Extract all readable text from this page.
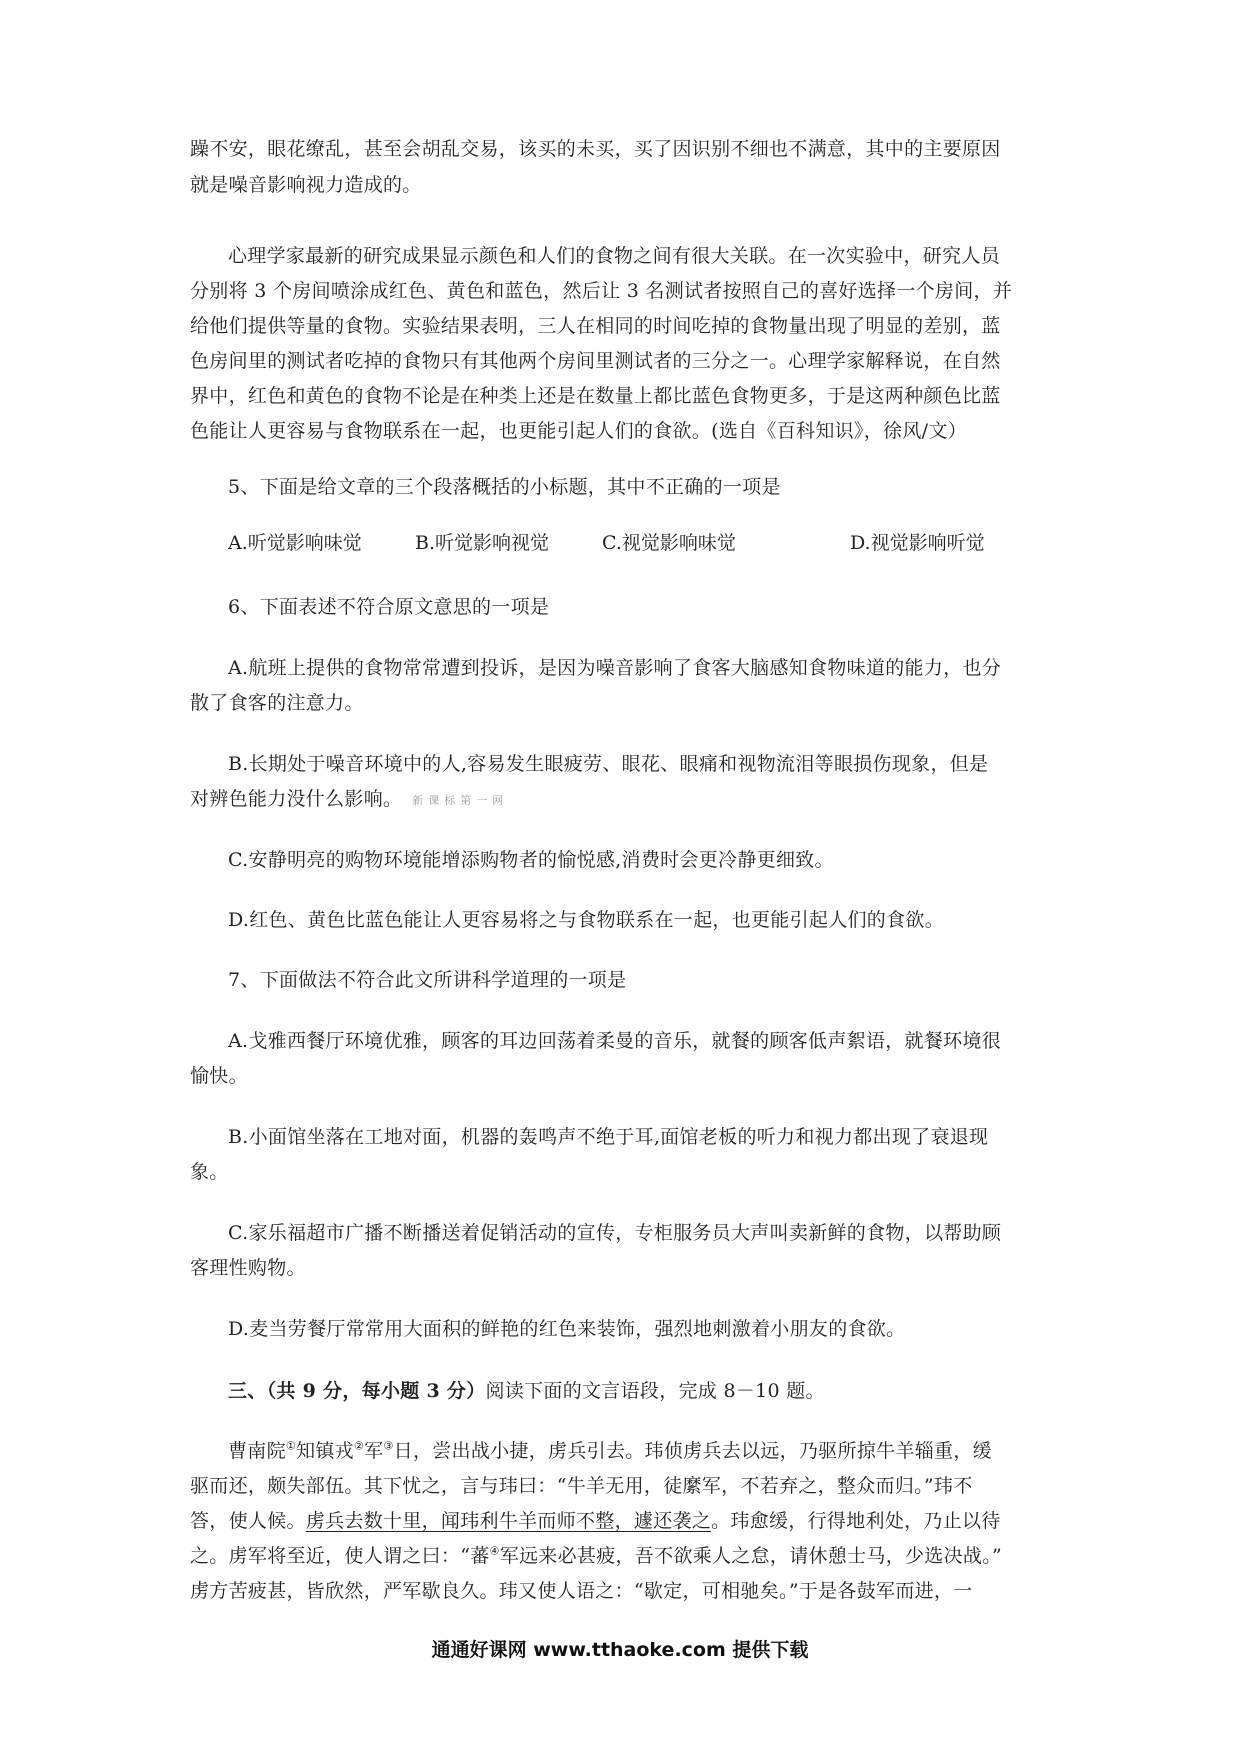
躁不安，眼花缭乱，甚至会胡乱交易，该买的未买，买了因识别不细也不满意，其中的主要原因
就是噪音影响视力造成的。
心理学家最新的研究成果显示颜色和人们的食物之间有很大关联。在一次实验中，研究人员
分别将 3 个房间喷涂成红色、黄色和蓝色，然后让 3 名测试者按照自己的喜好选择一个房间，并
给他们提供等量的食物。实验结果表明，三人在相同的时间吃掉的食物量出现了明显的差别，蓝
色房间里的测试者吃掉的食物只有其他两个房间里测试者的三分之一。心理学家解释说，在自然
界中，红色和黄色的食物不论是在种类上还是在数量上都比蓝色食物更多，于是这两种颜色比蓝
色能让人更容易与食物联系在一起，也更能引起人们的食欲。(选自《百科知识》，徐风/文）
5、下面是给文章的三个段落概括的小标题，其中不正确的一项是
A.听觉影响味觉	B.听觉影响视觉	C.视觉影响味觉	D.视觉影响听觉
6、下面表述不符合原文意思的一项是
A.航班上提供的食物常常遭到投诉，是因为噪音影响了食客大脑感知食物味道的能力，也分
散了食客的注意力。
B.长期处于噪音环境中的人,容易发生眼疲劳、眼花、眼痛和视物流泪等眼损伤现象，但是
对辨色能力没什么影响。 新课标第一网
C.安静明亮的购物环境能增添购物者的愉悦感,消费时会更冷静更细致。
D.红色、黄色比蓝色能让人更容易将之与食物联系在一起，也更能引起人们的食欲。
7、下面做法不符合此文所讲科学道理的一项是
A.戈雅西餐厅环境优雅，顾客的耳边回荡着柔曼的音乐，就餐的顾客低声絮语，就餐环境很
愉快。
B.小面馆坐落在工地对面，机器的轰鸣声不绝于耳,面馆老板的听力和视力都出现了衰退现
象。
C.家乐福超市广播不断播送着促销活动的宣传，专柜服务员大声叫卖新鲜的食物，以帮助顾
客理性购物。
D.麦当劳餐厅常常用大面积的鲜艳的红色来装饰，强烈地刺激着小朋友的食欲。
三、（共 9 分，每小题 3 分）阅读下面的文言语段，完成 8－10 题。
曹南院①知镇戎②军③日，尝出战小捷，虏兵引去。玮侦虏兵去以远，乃驱所掠牛羊辎重，缓
驱而还，颇失部伍。其下忧之，言与玮曰：“牛羊无用，徒縻军，不若弃之，整众而归。”玮不
答，使人候。虏兵去数十里，闻玮利牛羊而师不整，遽还袭之。玮愈缓，行得地利处，乃止以待
之。虏军将至近，使人谓之曰：“蕃④军远来必甚疲，吾不欲乘人之怠，请休憩士马，少选决战。”
虏方苦疲甚，皆欣然，严军歇良久。玮又使人语之：“歇定，可相驰矣。”于是各鼓军而进，一
通通好课网 www.tthaoke.com 提供下载
